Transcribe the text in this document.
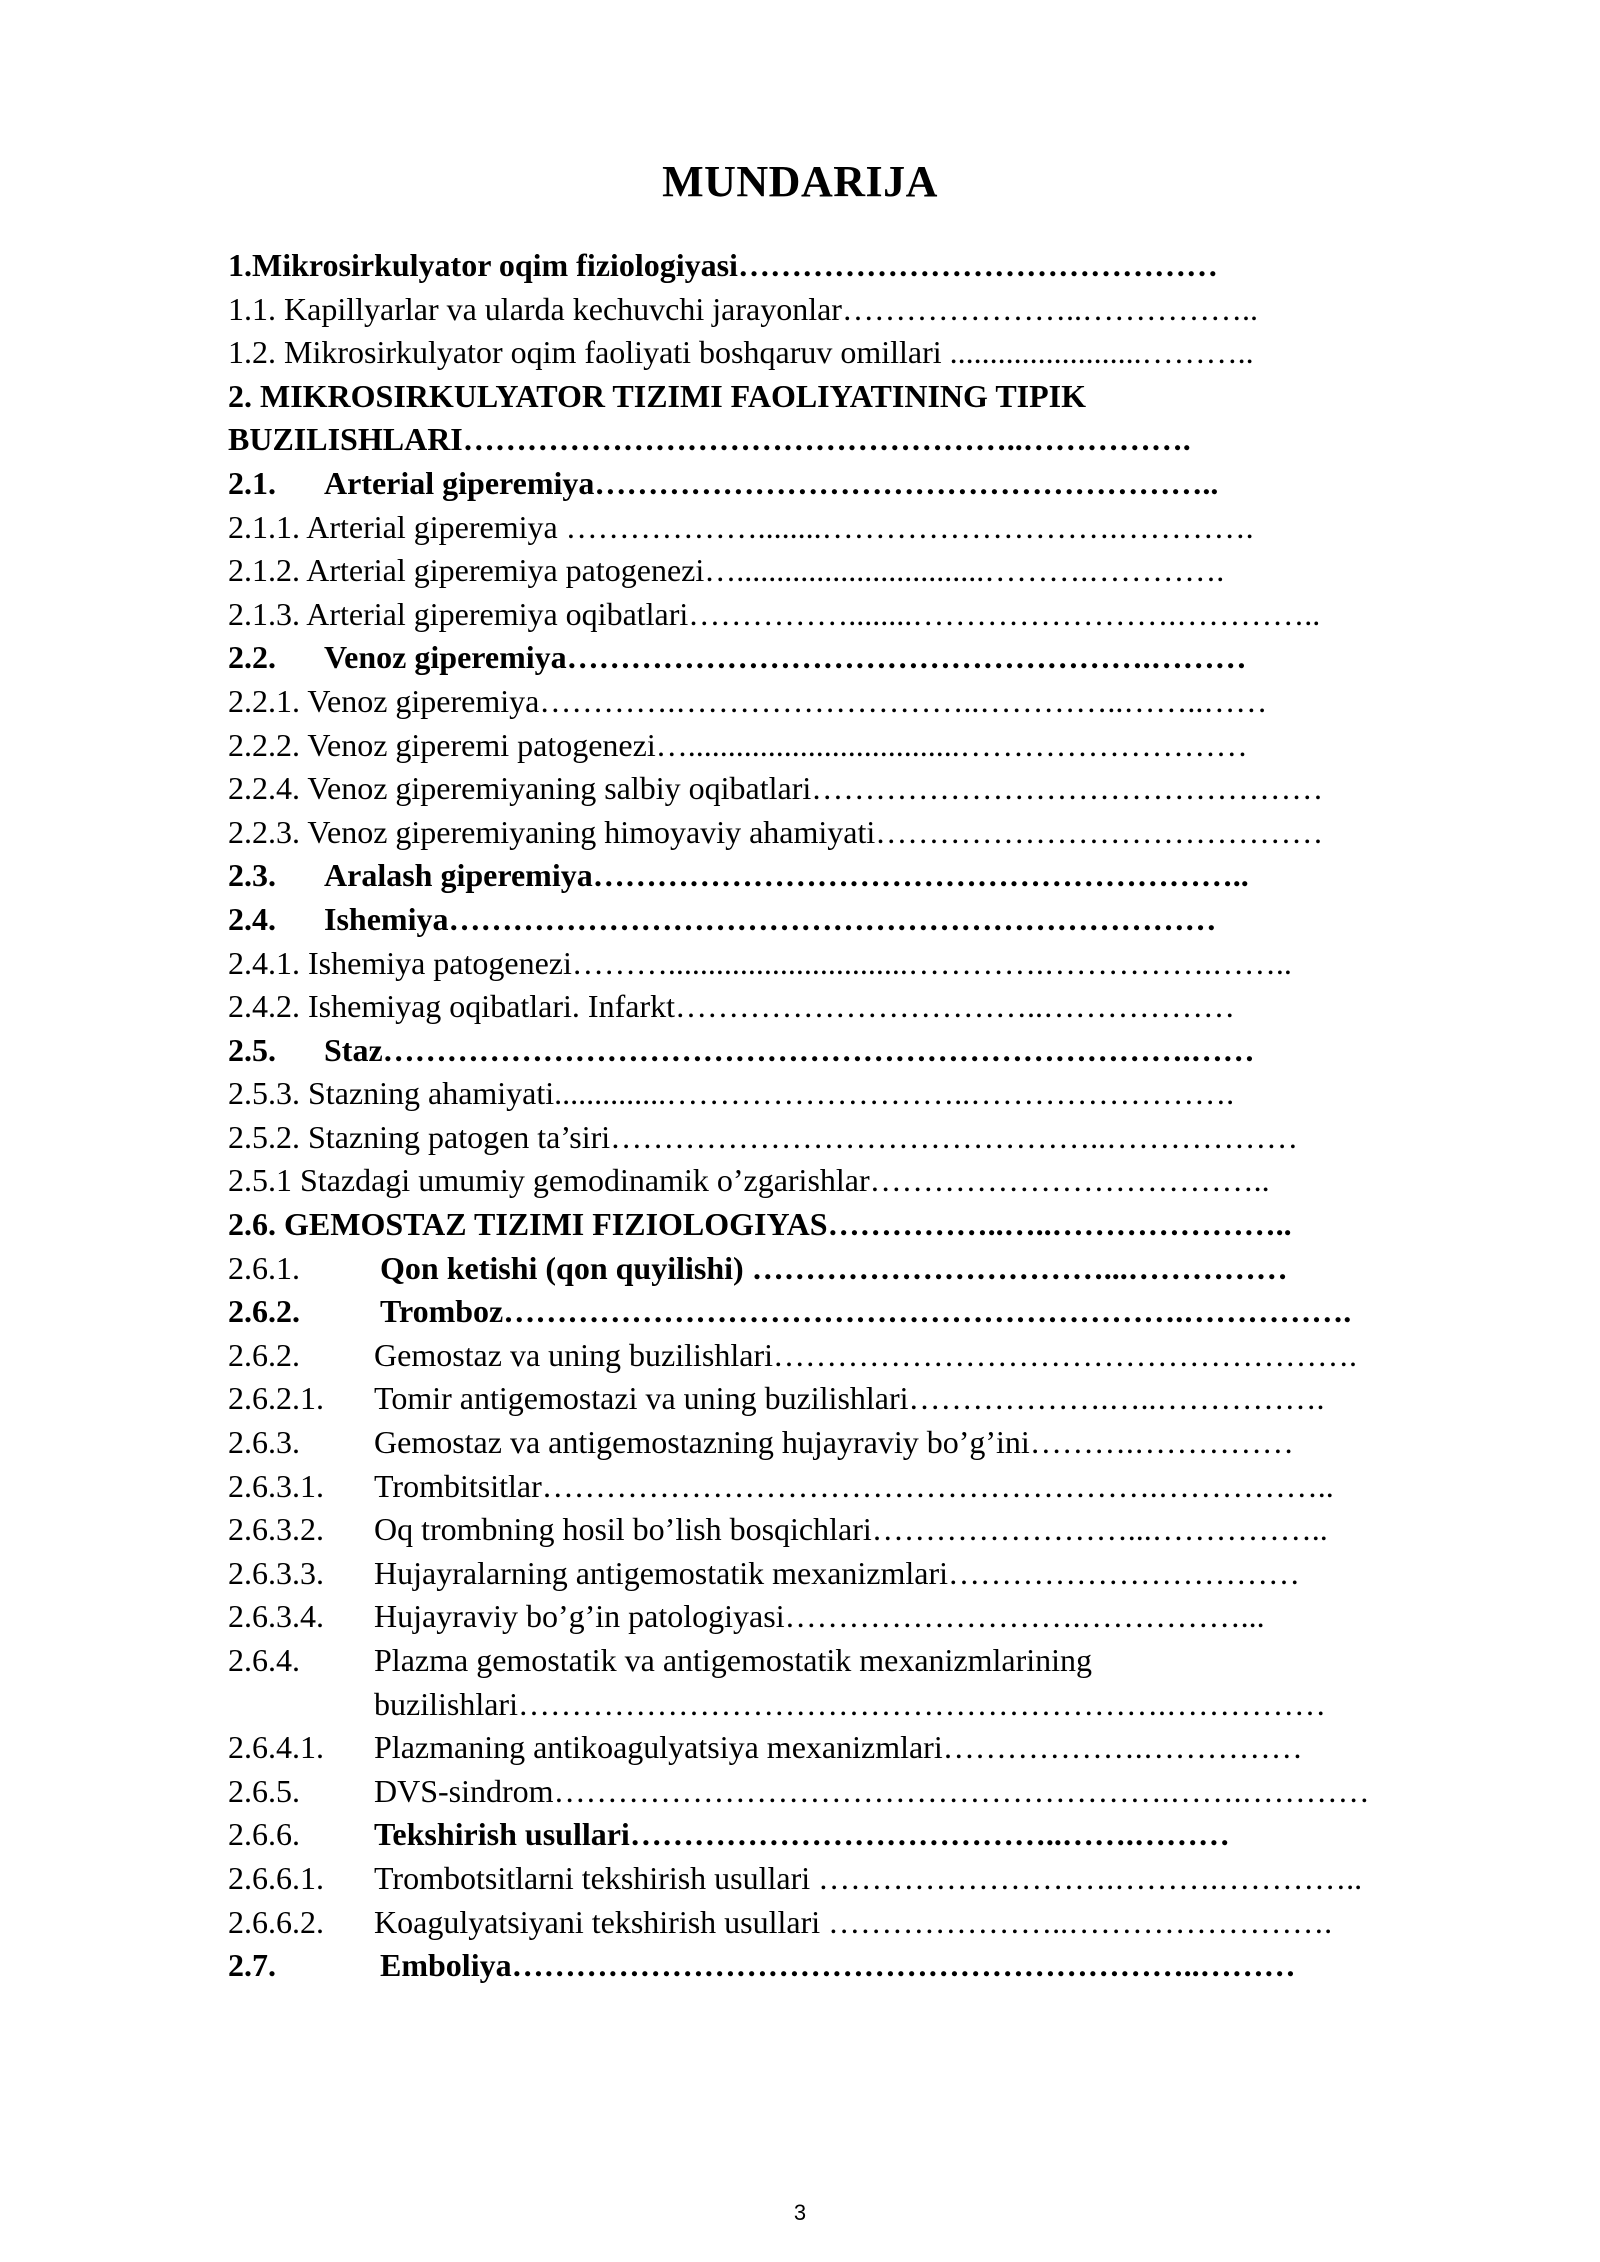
MUNDARIJA
1.Mikrosirkulyator oqim fiziologiyasi………………………………………
1.1. Kapillyarlar va ularda kechuvchi jarayonlar…………………..……………..
1.2. Mikrosirkulyator oqim faoliyati boshqaruv omillari ........................………..
2. MIKROSIRKULYATOR TIZIMI FAOLIYATINING TIPIK
BUZILISHLARI……………………………………………..…………….
2.1. Arterial giperemiya…………………………………………………..
2.1.1. Arterial giperemiya ………………........……………………….………….
2.1.2. Arterial giperemiya patogenezi…...............................……….………….
2.1.3. Arterial giperemiya oqibatlari……………........…………………….…………..
2.2. Venoz giperemiya……………………………………………….………
2.2.1. Venoz giperemiya………….………………………..…………..……..……
2.2.2. Venoz giperemi patogenezi…..................................………………………
2.2.4. Venoz giperemiyaning salbiy oqibatlari…………………………………………
2.2.3. Venoz giperemiyaning himoyaviy ahamiyati……………………………………
2.3. Aralash giperemiya……………………………………………………..
2.4. Ishemiya………………………………………………………………
2.4.1. Ishemiya patogenezi………..............................………….…………….……..
2.4.2. Ishemiyag oqibatlari. Infarkt……………………………..………………
2.5. Staz………………………………………………………………….……
2.5.3. Stazning ahamiyati..............………………………..…………………….
2.5.2. Stazning patogen ta’siri………………………………………..………………
2.5.1 Stazdagi umumiy gemodinamik o’zgarishlar………………………………..
2.6. GEMOSTAZ TIZIMI FIZIOLOGIYAS……………..…..…………………..
2.6.1.	Qon ketishi (qon quyilishi) ……………………………...……………
2.6.2.	Tromboz……………………………………………………….…………….
2.6.2. Gemostaz va uning buzilishlari……………………………………………….
2.6.2.1. Tomir antigemostazi va uning buzilishlari……………….…..…………….
2.6.3. Gemostaz va antigemostazning hujayraviy bo’g’ini……….……………
2.6.3.1. Trombitsitlar………………………………………………….……………..
2.6.3.2. Oq trombning hosil bo’lish bosqichlari……………………...……………..
2.6.3.3. Hujayralarning antigemostatik mexanizmlari……………………………
2.6.3.4. Hujayraviy bo’g’in patologiyasi……………………….……………...
2.6.4. Plazma gemostatik va antigemostatik mexanizmlarining
buzilishlari…………………………………………………….……………
2.6.4.1. Plazmaning antikoagulyatsiya mexanizmlari……………….……………
2.6.5. DVS-sindrom………………………………………………….…….…………
2.6.6. Tekshirish usullari…………………………………..…….………
2.6.6.1. Trombotsitlarni tekshirish usullari ……………………….……….…………..
2.6.6.2. Koagulyatsiyani tekshirish usullari …………………..…………………….
2.7.	Emboliya………………………………………………………..………
3
